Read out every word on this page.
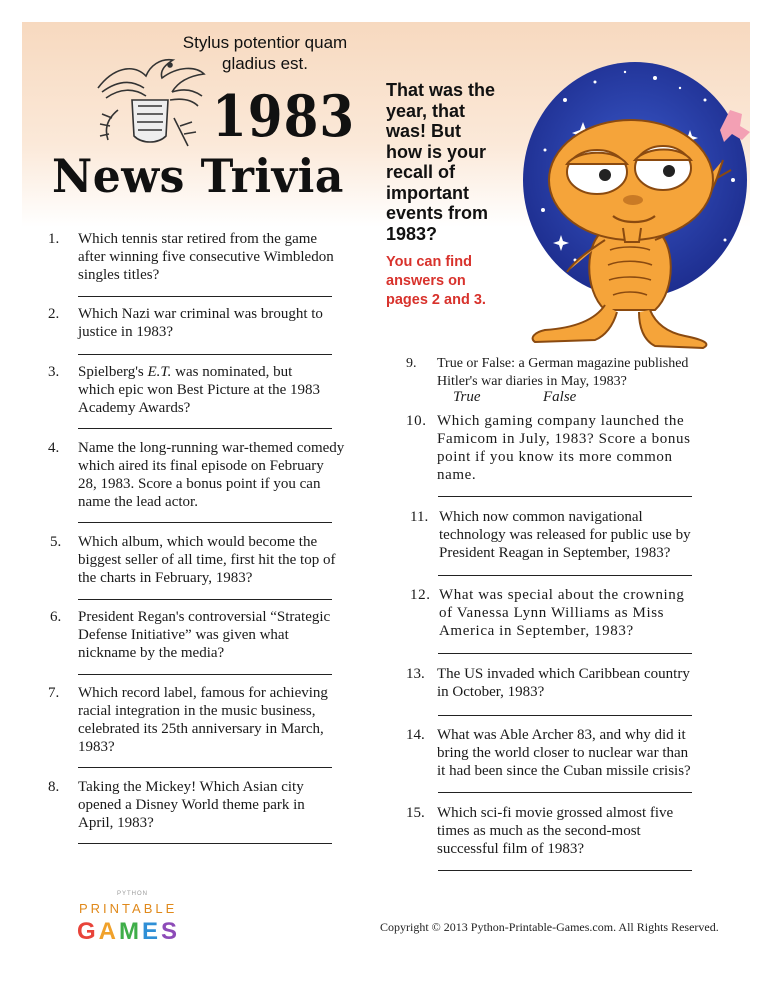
Stylus potentior quam
gladius est.
1983
News Trivia
That was the
year, that
was! But
how is your
recall of
important
events from
1983?
You can find
answers on
pages 2 and 3.
1. Which tennis star retired from the game
after winning five consecutive Wimbledon
singles titles?
2. Which Nazi war criminal was brought to
justice in 1983?
3. Spielberg's E.T. was nominated, but
which epic won Best Picture at the 1983
Academy Awards?
4. Name the long-running war-themed comedy
which aired its final episode on February
28, 1983. Score a bonus point if you can
name the lead actor.
5. Which album, which would become the
biggest seller of all time, first hit the top of
the charts in February, 1983?
6. President Regan's controversial “Strategic
Defense Initiative” was given what
nickname by the media?
7. Which record label, famous for achieving
racial integration in the music business,
celebrated its 25th anniversary in March,
1983?
8. Taking the Mickey! Which Asian city
opened a Disney World theme park in
April, 1983?
9. True or False: a German magazine published
Hitler's war diaries in May, 1983?
True	False
10. Which gaming company launched the
Famicom in July, 1983? Score a bonus
point if you know its more common
name.
11. Which now common navigational
technology was released for public use by
President Reagan in September, 1983?
12. What was special about the crowning
of Vanessa Lynn Williams as Miss
America in September, 1983?
13. The US invaded which Caribbean country
in October, 1983?
14. What was Able Archer 83, and why did it
bring the world closer to nuclear war than
it had been since the Cuban missile crisis?
15. Which sci-fi movie grossed almost five
times as much as the second-most
successful film of 1983?
PYTHON
PRINTABLE
GAMES	Copyright © 2013 Python-Printable-Games.com. All Rights Reserved.
